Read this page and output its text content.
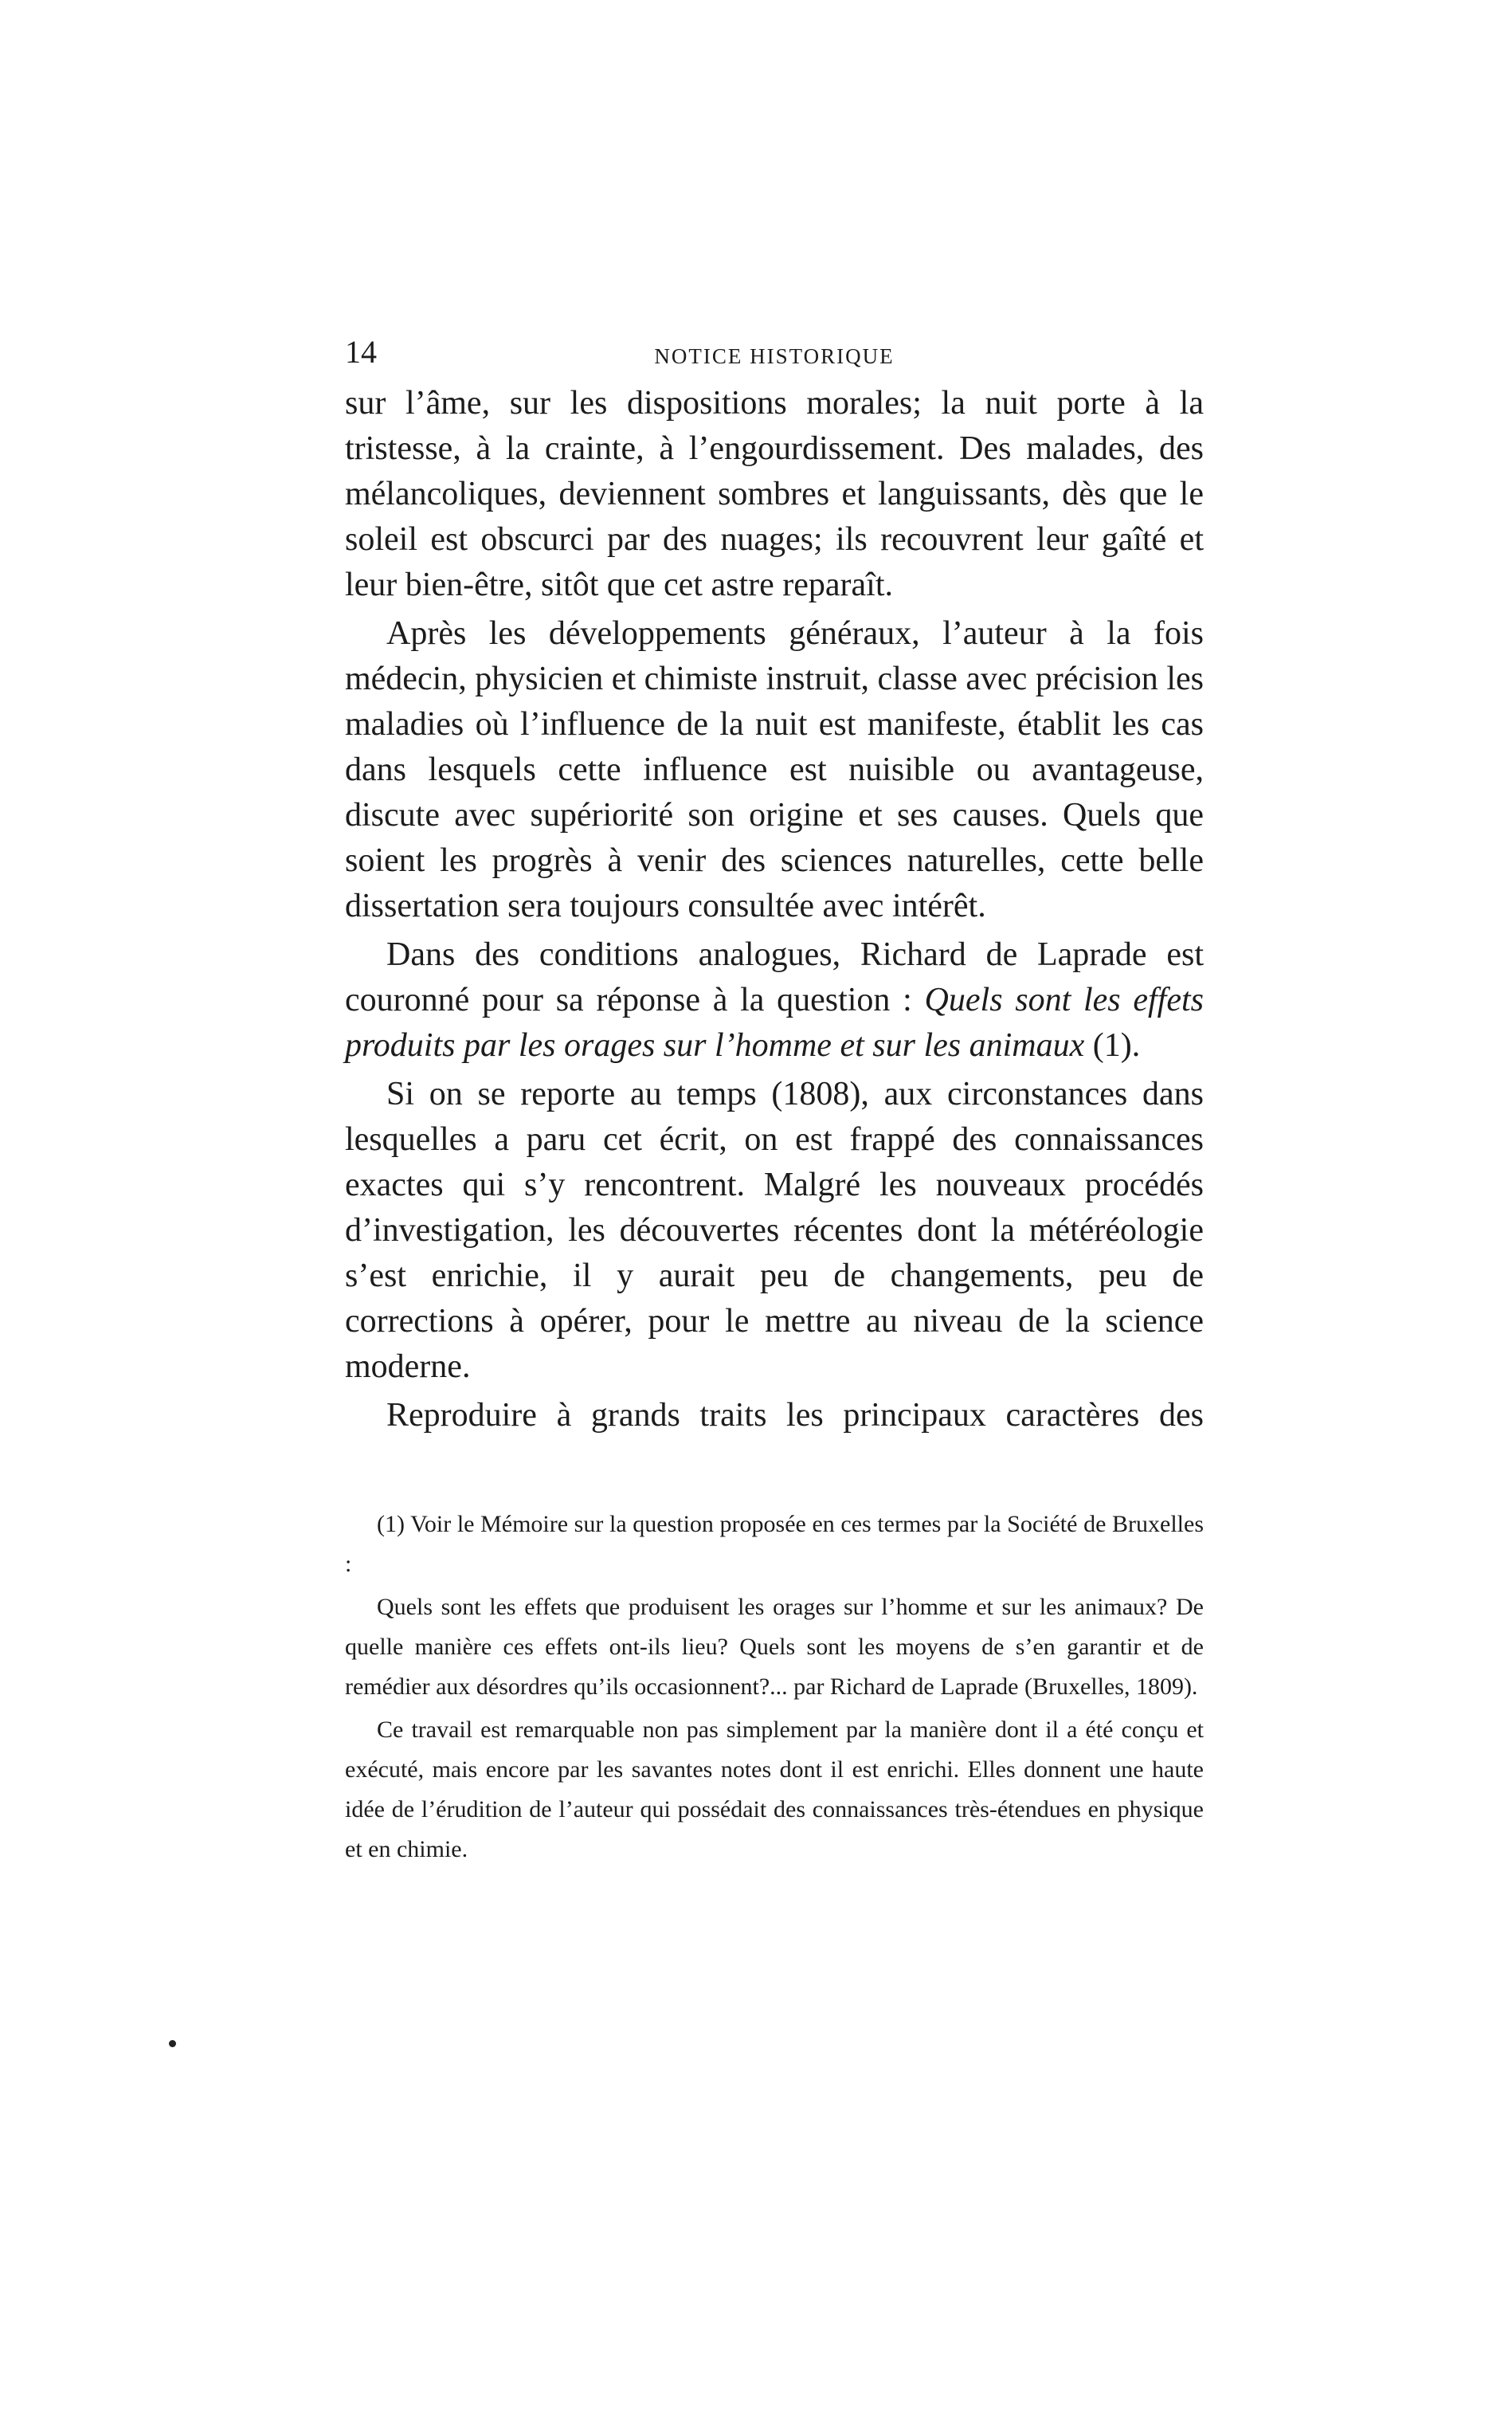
14	NOTICE HISTORIQUE

sur l’âme, sur les dispositions morales; la nuit porte à la tristesse, à la crainte, à l’engourdissement. Des malades, des mélancoliques, deviennent sombres et languissants, dès que le soleil est obscurci par des nuages; ils recouvrent leur gaîté et leur bien-être, sitôt que cet astre reparaît.

Après les développements généraux, l’auteur à la fois médecin, physicien et chimiste instruit, classe avec précision les maladies où l’influence de la nuit est manifeste, établit les cas dans lesquels cette influence est nuisible ou avantageuse, discute avec supériorité son origine et ses causes. Quels que soient les progrès à venir des sciences naturelles, cette belle dissertation sera toujours consultée avec intérêt.

Dans des conditions analogues, Richard de Laprade est couronné pour sa réponse à la question : Quels sont les effets produits par les orages sur l’homme et sur les animaux (1).

Si on se reporte au temps (1808), aux circonstances dans lesquelles a paru cet écrit, on est frappé des connaissances exactes qui s’y rencontrent. Malgré les nouveaux procédés d’investigation, les découvertes récentes dont la météréologie s’est enrichie, il y aurait peu de changements, peu de corrections à opérer, pour le mettre au niveau de la science moderne.

Reproduire à grands traits les principaux caractères des

(1) Voir le Mémoire sur la question proposée en ces termes par la Société de Bruxelles :

Quels sont les effets que produisent les orages sur l’homme et sur les animaux? De quelle manière ces effets ont-ils lieu? Quels sont les moyens de s’en garantir et de remédier aux désordres qu’ils occasionnent?... par Richard de Laprade (Bruxelles, 1809).

Ce travail est remarquable non pas simplement par la manière dont il a été conçu et exécuté, mais encore par les savantes notes dont il est enrichi. Elles donnent une haute idée de l’érudition de l’auteur qui possédait des connaissances très-étendues en physique et en chimie.
